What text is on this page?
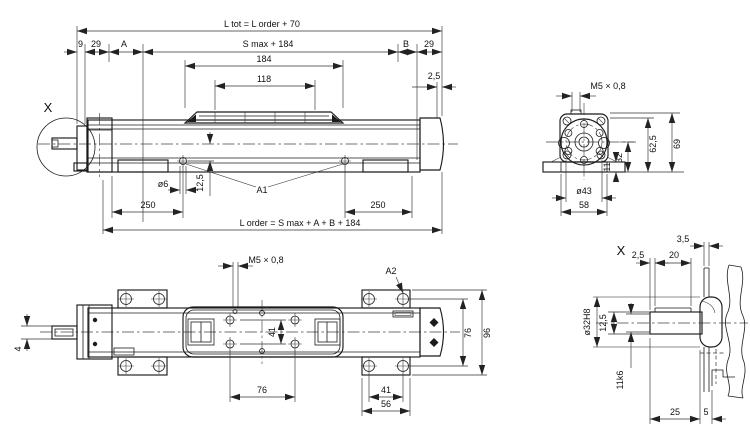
X
L tot = L order + 70
9 29 A	S max + 184	B 29
184
118	2,5
ø6	12,5	A1
250	250
L order = S max + A + B + 184
M5 × 0,8
62,5 69
32
11
ø43
58
M5 × 0,8
A2
4
41
76	41
56
76 96
X 2,5	20
3,5
ø32H8 12,5
11k6
25	5
